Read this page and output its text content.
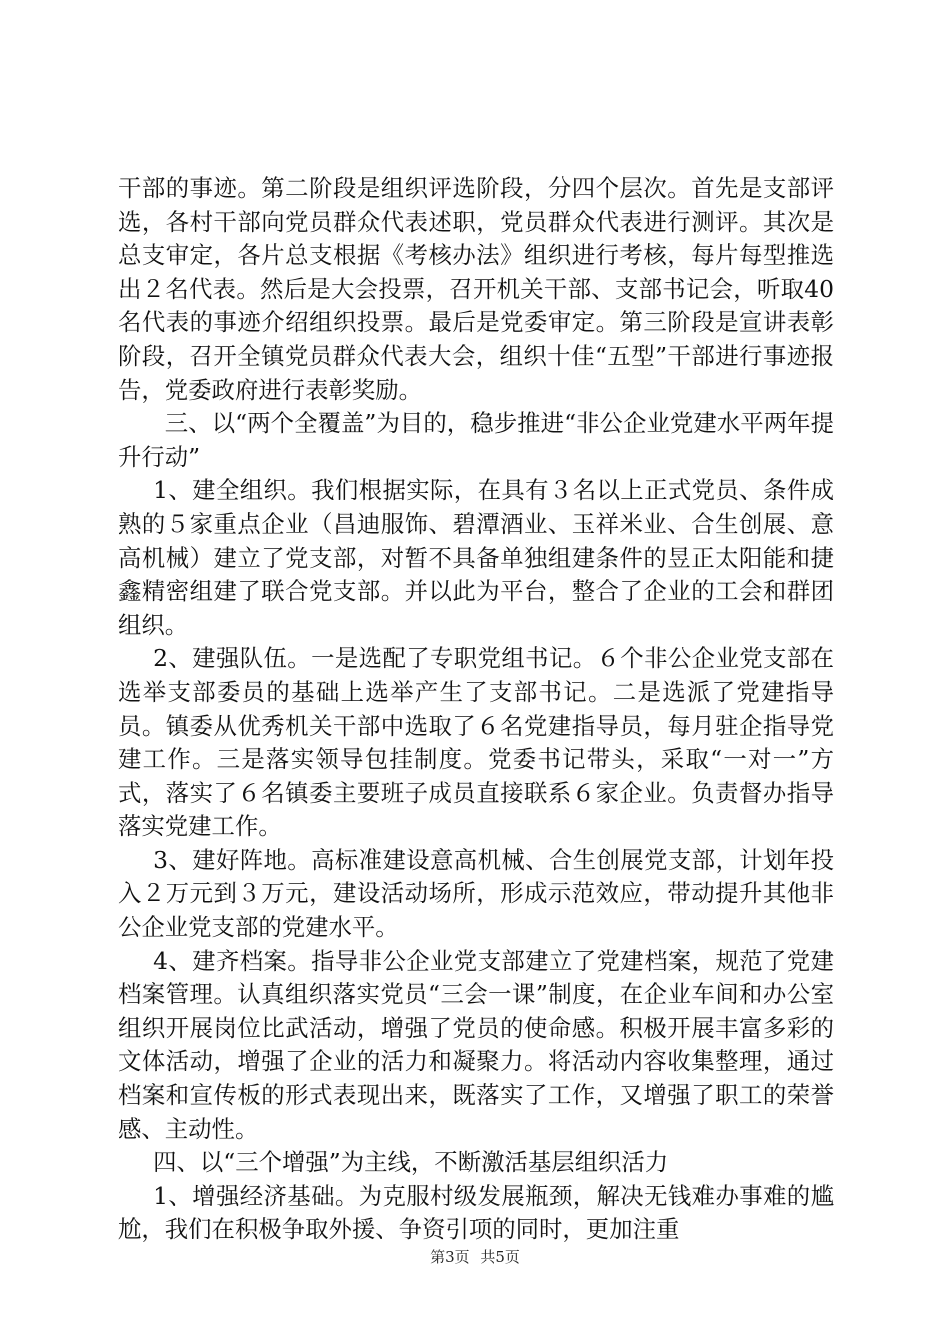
干部的事迹。第二阶段是组织评选阶段，分四个层次。首先是支部评选，各村干部向党员群众代表述职，党员群众代表进行测评。其次是总支审定，各片总支根据《考核办法》组织进行考核，每片每型推选出２名代表。然后是大会投票，召开机关干部、支部书记会，听取40名代表的事迹介绍组织投票。最后是党委审定。第三阶段是宣讲表彰阶段，召开全镇党员群众代表大会，组织十佳“五型”干部进行事迹报告，党委政府进行表彰奖励。

三、以“两个全覆盖”为目的，稳步推进“非公企业党建水平两年提升行动”

1、建全组织。我们根据实际，在具有３名以上正式党员、条件成熟的５家重点企业（昌迪服饰、碧潭酒业、玉祥米业、合生创展、意高机械）建立了党支部，对暂不具备单独组建条件的昱正太阳能和捷鑫精密组建了联合党支部。并以此为平台，整合了企业的工会和群团组织。

2、建强队伍。一是选配了专职党组书记。６个非公企业党支部在选举支部委员的基础上选举产生了支部书记。二是选派了党建指导员。镇委从优秀机关干部中选取了６名党建指导员，每月驻企指导党建工作。三是落实领导包挂制度。党委书记带头，采取“一对一”方式，落实了６名镇委主要班子成员直接联系６家企业。负责督办指导落实党建工作。

3、建好阵地。高标准建设意高机械、合生创展党支部，计划年投入２万元到３万元，建设活动场所，形成示范效应，带动提升其他非公企业党支部的党建水平。

4、建齐档案。指导非公企业党支部建立了党建档案，规范了党建档案管理。认真组织落实党员“三会一课”制度，在企业车间和办公室组织开展岗位比武活动，增强了党员的使命感。积极开展丰富多彩的文体活动，增强了企业的活力和凝聚力。将活动内容收集整理，通过档案和宣传板的形式表现出来，既落实了工作，又增强了职工的荣誉感、主动性。

四、以“三个增强”为主线，不断激活基层组织活力

1、增强经济基础。为克服村级发展瓶颈，解决无钱难办事难的尴尬，我们在积极争取外援、争资引项的同时，更加注重

第3页 共5页
